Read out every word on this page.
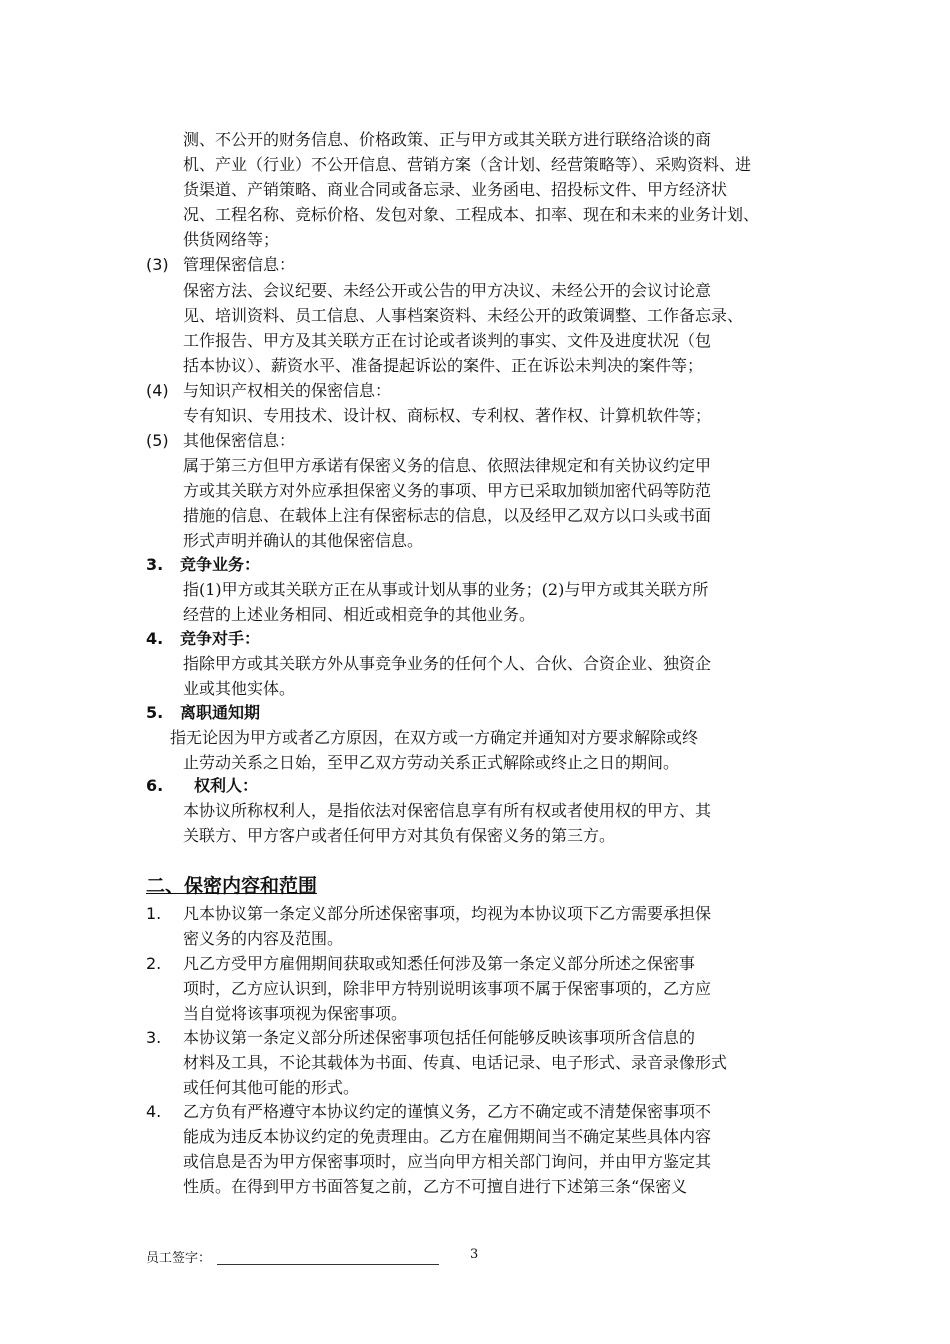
测、不公开的财务信息、价格政策、正与甲方或其关联方进行联络洽谈的商
机、产业（行业）不公开信息、营销方案（含计划、经营策略等）、采购资料、进
货渠道、产销策略、商业合同或备忘录、业务函电、招投标文件、甲方经济状
况、工程名称、竞标价格、发包对象、工程成本、扣率、现在和未来的业务计划、
供货网络等；
(3) 管理保密信息：
保密方法、会议纪要、未经公开或公告的甲方决议、未经公开的会议讨论意
见、培训资料、员工信息、人事档案资料、未经公开的政策调整、工作备忘录、
工作报告、甲方及其关联方正在讨论或者谈判的事实、文件及进度状况（包
括本协议）、薪资水平、准备提起诉讼的案件、正在诉讼未判决的案件等；
(4) 与知识产权相关的保密信息：
专有知识、专用技术、设计权、商标权、专利权、著作权、计算机软件等；
(5) 其他保密信息：
属于第三方但甲方承诺有保密义务的信息、依照法律规定和有关协议约定甲
方或其关联方对外应承担保密义务的事项、甲方已采取加锁加密代码等防范
措施的信息、在载体上注有保密标志的信息，以及经甲乙双方以口头或书面
形式声明并确认的其他保密信息。
3. 竞争业务：
指(1)甲方或其关联方正在从事或计划从事的业务；(2)与甲方或其关联方所
经营的上述业务相同、相近或相竞争的其他业务。
4. 竞争对手：
指除甲方或其关联方外从事竞争业务的任何个人、合伙、合资企业、独资企
业或其他实体。
5. 离职通知期
指无论因为甲方或者乙方原因，在双方或一方确定并通知对方要求解除或终
止劳动关系之日始，至甲乙双方劳动关系正式解除或终止之日的期间。
6. 权利人：
本协议所称权利人，是指依法对保密信息享有所有权或者使用权的甲方、其
关联方、甲方客户或者任何甲方对其负有保密义务的第三方。
二、保密内容和范围
1. 凡本协议第一条定义部分所述保密事项，均视为本协议项下乙方需要承担保
密义务的内容及范围。
2. 凡乙方受甲方雇佣期间获取或知悉任何涉及第一条定义部分所述之保密事
项时，乙方应认识到，除非甲方特别说明该事项不属于保密事项的，乙方应
当自觉将该事项视为保密事项。
3. 本协议第一条定义部分所述保密事项包括任何能够反映该事项所含信息的
材料及工具，不论其载体为书面、传真、电话记录、电子形式、录音录像形式
或任何其他可能的形式。
4. 乙方负有严格遵守本协议约定的谨慎义务，乙方不确定或不清楚保密事项不
能成为违反本协议约定的免责理由。乙方在雇佣期间当不确定某些具体内容
或信息是否为甲方保密事项时，应当向甲方相关部门询问，并由甲方鉴定其
性质。在得到甲方书面答复之前，乙方不可擅自进行下述第三条“保密义
员工签字：	3
